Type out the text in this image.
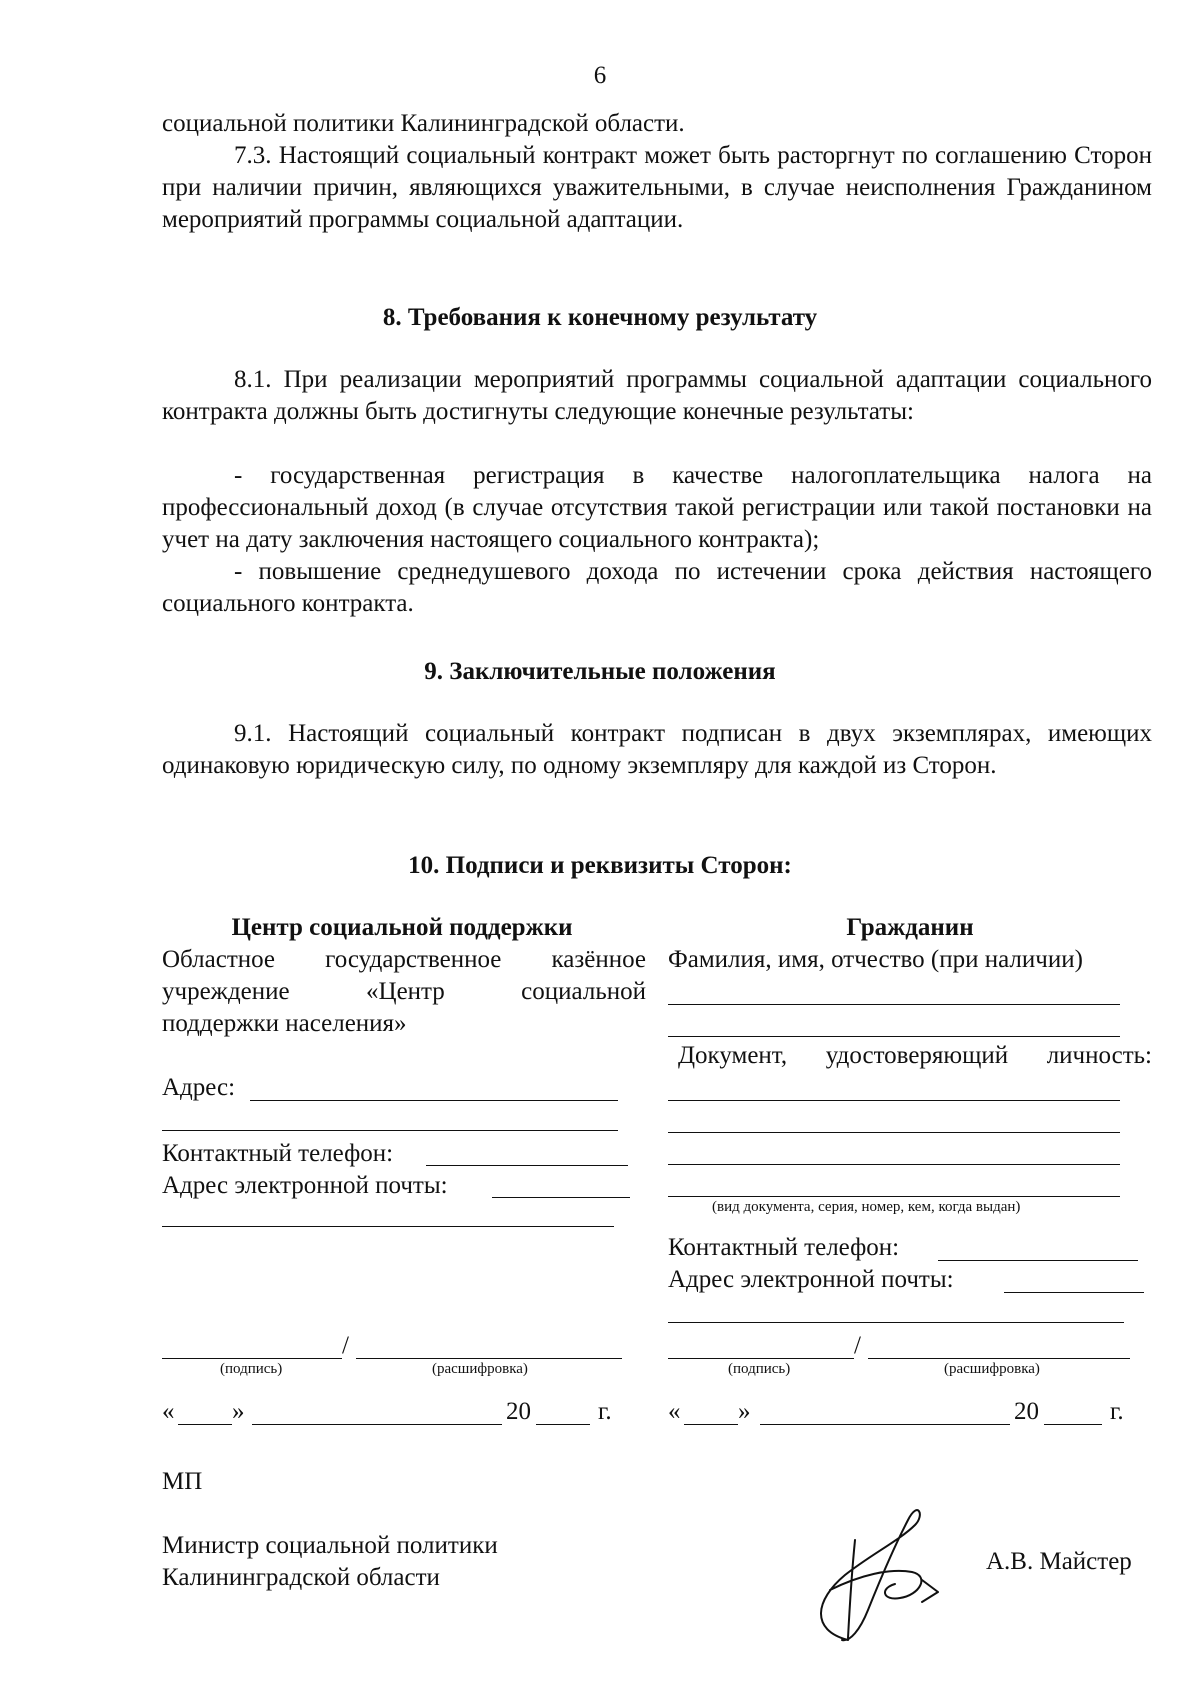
6
социальной политики Калининградской области.
7.3. Настоящий социальный контракт может быть расторгнут по соглашению Сторон при наличии причин, являющихся уважительными, в случае неисполнения Гражданином мероприятий программы социальной адаптации.
8. Требования к конечному результату
8.1. При реализации мероприятий программы социальной адаптации социального контракта должны быть достигнуты следующие конечные результаты:
- государственная регистрация в качестве налогоплательщика налога на профессиональный доход (в случае отсутствия такой регистрации или такой постановки на учет на дату заключения настоящего социального контракта);
- повышение среднедушевого дохода по истечении срока действия настоящего социального контракта.
9. Заключительные положения
9.1. Настоящий социальный контракт подписан в двух экземплярах, имеющих одинаковую юридическую силу, по одному экземпляру для каждой из Сторон.
10. Подписи и реквизиты Сторон:
Центр социальной поддержки
Областное государственное казённое
учреждение	«Центр	социальной
поддержки населения»
Адрес:
Контактный телефон:
Адрес электронной почты:
/
(подпись)	(расшифровка)
« »	20	г.
Гражданин
Фамилия, имя, отчество (при наличии)
Документ, удостоверяющий личность:
(вид документа, серия, номер, кем, когда выдан)
Контактный телефон:
Адрес электронной почты:
/
(подпись)	(расшифровка)
« »	20	г.
МП
Министр социальной политики
Калининградской области
А.В. Майстер
